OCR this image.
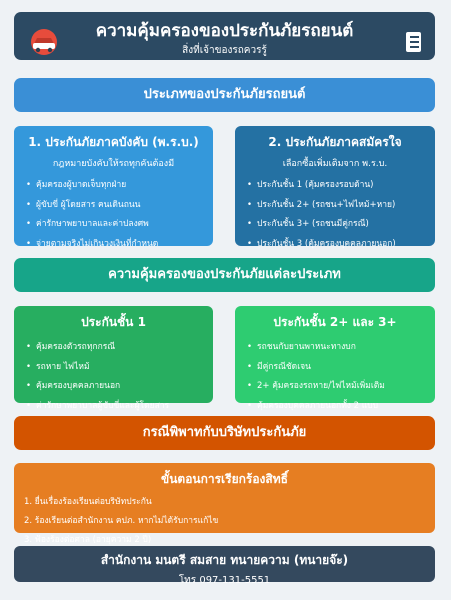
ความคุ้มครองของประกันภัยรถยนต์
สิ่งที่เจ้าของรถควรรู้
ประเภทของประกันภัยรถยนต์
1. ประกันภัยภาคบังคับ (พ.ร.บ.)
กฎหมายบังคับให้รถทุกคันต้องมี
• คุ้มครองผู้บาดเจ็บทุกฝ่าย
• ผู้ขับขี่ ผู้โดยสาร คนเดินถนน
• ค่ารักษาพยาบาลและค่าปลงศพ
• จ่ายตามจริงไม่เกินวงเงินที่กำหนด
2. ประกันภัยภาคสมัครใจ
เลือกซื้อเพิ่มเติมจาก พ.ร.บ.
• ประกันชั้น 1 (คุ้มครองรอบด้าน)
• ประกันชั้น 2+ (รถชน+ไฟไหม้+หาย)
• ประกันชั้น 3+ (รถชนมีคู่กรณี)
• ประกันชั้น 3 (คุ้มครองบุคคลภายนอก)
ความคุ้มครองของประกันภัยแต่ละประเภท
ประกันชั้น 1
• คุ้มครองตัวรถทุกกรณี
• รถหาย ไฟไหม้
• คุ้มครองบุคคลภายนอก
• ค่ารักษาพยาบาลผู้ขับขี่และผู้โดยสาร
ประกันชั้น 2+ และ 3+
• รถชนกับยานพาหนะทางบก
• มีคู่กรณีชัดเจน
• 2+ คุ้มครองรถหาย/ไฟไหม้เพิ่มเติม
• คุ้มครองบุคคลภายนอกทั้ง 2 แบบ
กรณีพิพาทกับบริษัทประกันภัย
ขั้นตอนการเรียกร้องสิทธิ์
1. ยื่นเรื่องร้องเรียนต่อบริษัทประกัน
2. ร้องเรียนต่อสำนักงาน คปภ. หากไม่ได้รับการแก้ไข
3. ฟ้องร้องต่อศาล (อายุความ 2 ปี)
สำนักงาน มนตรี สมสาย ทนายความ (ทนายจ๊ะ)
โทร 097-131-5551
